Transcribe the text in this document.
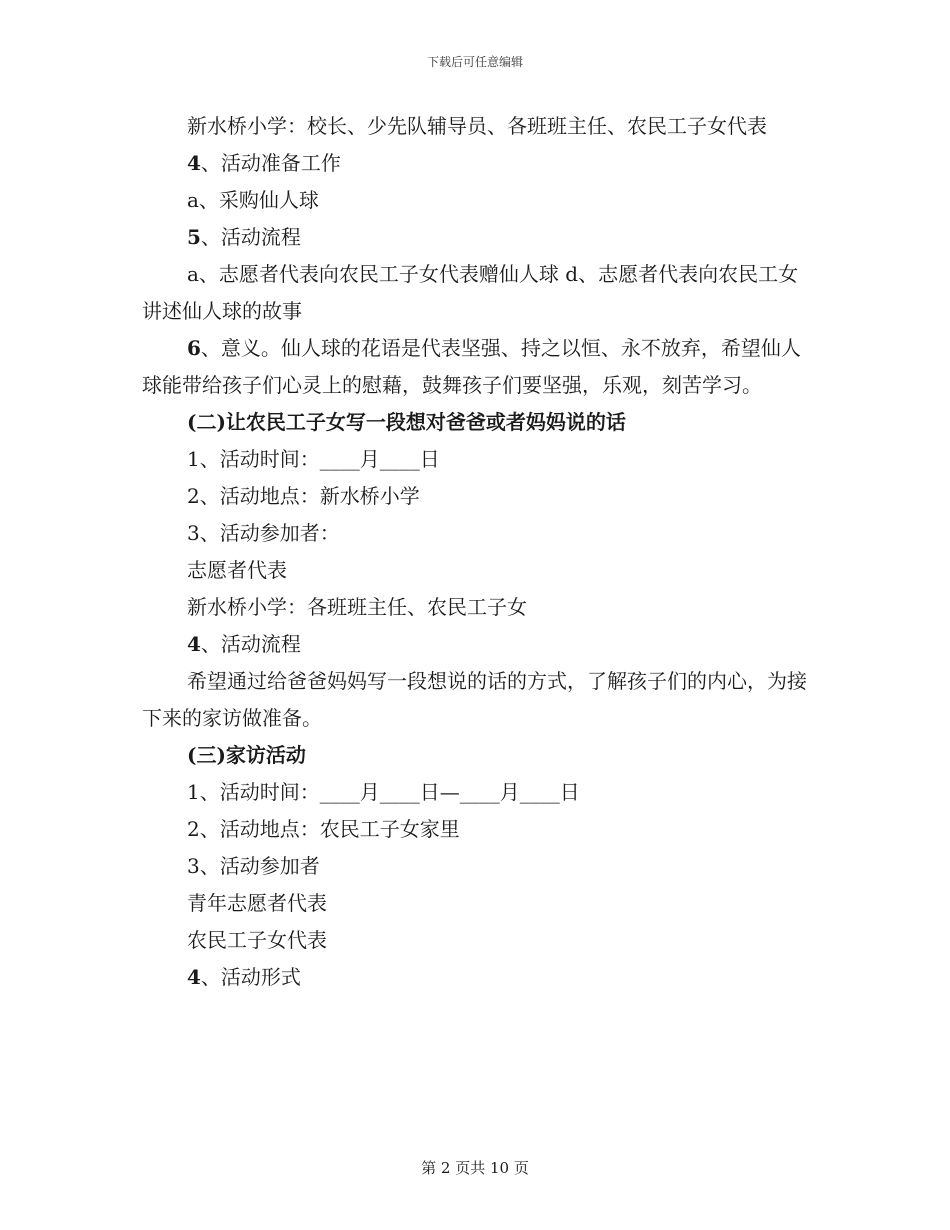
下载后可任意编辑

新水桥小学：校长、少先队辅导员、各班班主任、农民工子女代表

4、活动准备工作

a、采购仙人球

5、活动流程

a、志愿者代表向农民工子女代表赠仙人球 d、志愿者代表向农民工女讲述仙人球的故事

6、意义。仙人球的花语是代表坚强、持之以恒、永不放弃，希望仙人球能带给孩子们心灵上的慰藉，鼓舞孩子们要坚强，乐观，刻苦学习。

(二)让农民工子女写一段想对爸爸或者妈妈说的话

1、活动时间：____月____日

2、活动地点：新水桥小学

3、活动参加者：

志愿者代表

新水桥小学：各班班主任、农民工子女

4、活动流程

希望通过给爸爸妈妈写一段想说的话的方式，了解孩子们的内心，为接下来的家访做准备。

(三)家访活动

1、活动时间：____月____日—____月____日

2、活动地点：农民工子女家里

3、活动参加者

青年志愿者代表

农民工子女代表

4、活动形式

第 2 页共 10 页
